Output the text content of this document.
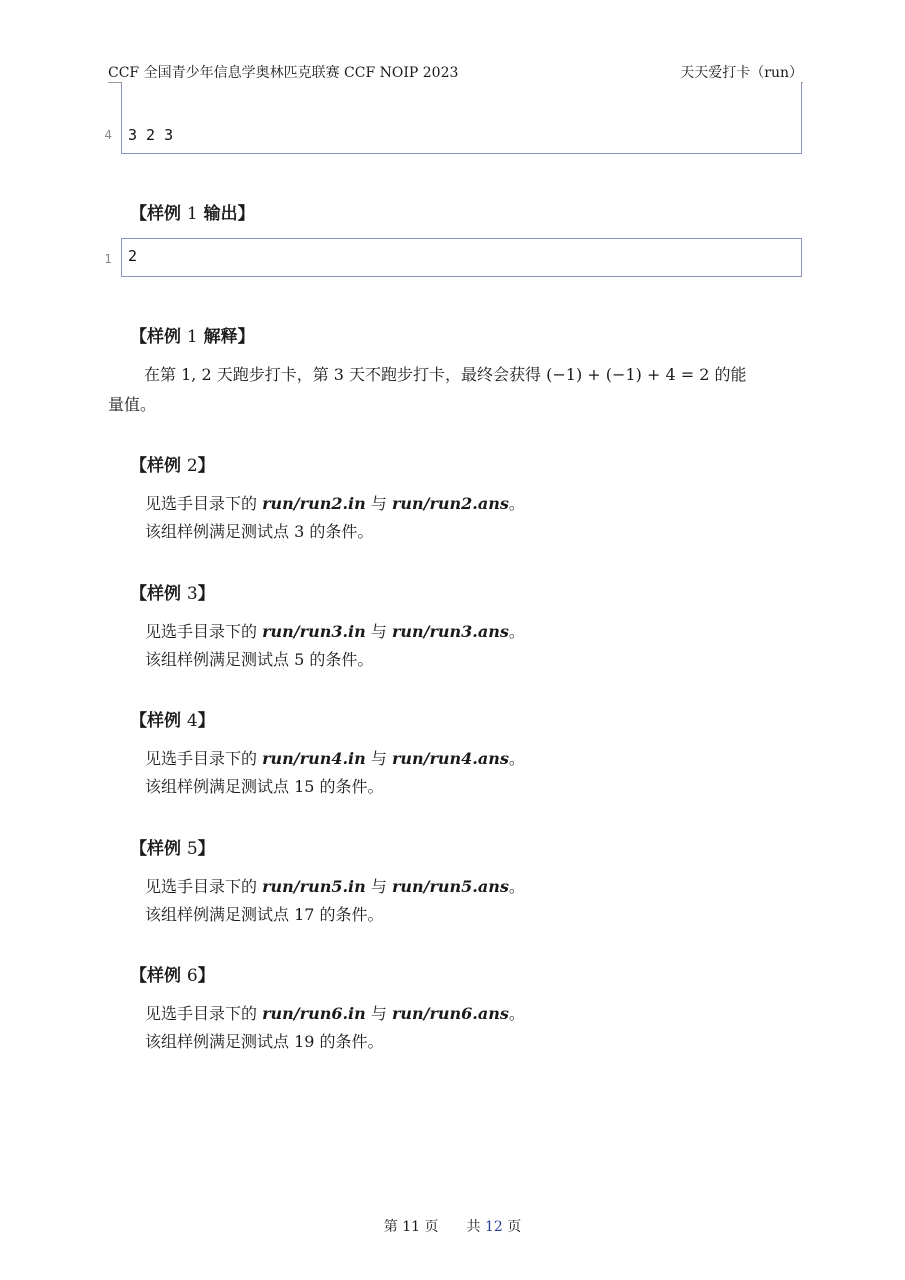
CCF 全国青少年信息学奥林匹克联赛 CCF NOIP 2023	天天爱打卡（run）
4 3 2 3
【样例 1 输出】
1 2
【样例 1 解释】
在第 1, 2 天跑步打卡，第 3 天不跑步打卡，最终会获得 (−1) + (−1) + 4 = 2 的能
量值。
【样例 2】
见选手目录下的 run/run2.in 与 run/run2.ans。
该组样例满足测试点 3 的条件。
【样例 3】
见选手目录下的 run/run3.in 与 run/run3.ans。
该组样例满足测试点 5 的条件。
【样例 4】
见选手目录下的 run/run4.in 与 run/run4.ans。
该组样例满足测试点 15 的条件。
【样例 5】
见选手目录下的 run/run5.in 与 run/run5.ans。
该组样例满足测试点 17 的条件。
【样例 6】
见选手目录下的 run/run6.in 与 run/run6.ans。
该组样例满足测试点 19 的条件。
第 11 页 共 12 页
